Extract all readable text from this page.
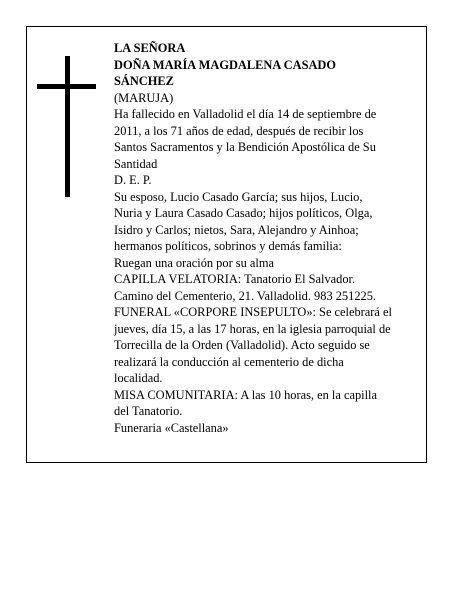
LA SEÑORA
DOÑA MARÍA MAGDALENA CASADO
SÁNCHEZ
(MARUJA)
Ha fallecido en Valladolid el día 14 de septiembre de
2011, a los 71 años de edad, después de recibir los
Santos Sacramentos y la Bendición Apostólica de Su
Santidad
D. E. P.
Su esposo, Lucio Casado García; sus hijos, Lucio,
Nuria y Laura Casado Casado; hijos políticos, Olga,
Isidro y Carlos; nietos, Sara, Alejandro y Ainhoa;
hermanos políticos, sobrinos y demás familia:
Ruegan una oración por su alma
CAPILLA VELATORIA: Tanatorio El Salvador.
Camino del Cementerio, 21. Valladolid. 983 251225.
FUNERAL «CORPORE INSEPULTO»: Se celebrará el
jueves, día 15, a las 17 horas, en la iglesia parroquial de
Torrecilla de la Orden (Valladolid). Acto seguido se
realizará la conducción al cementerio de dicha
localidad.
MISA COMUNITARIA: A las 10 horas, en la capilla
del Tanatorio.
Funeraria «Castellana»
